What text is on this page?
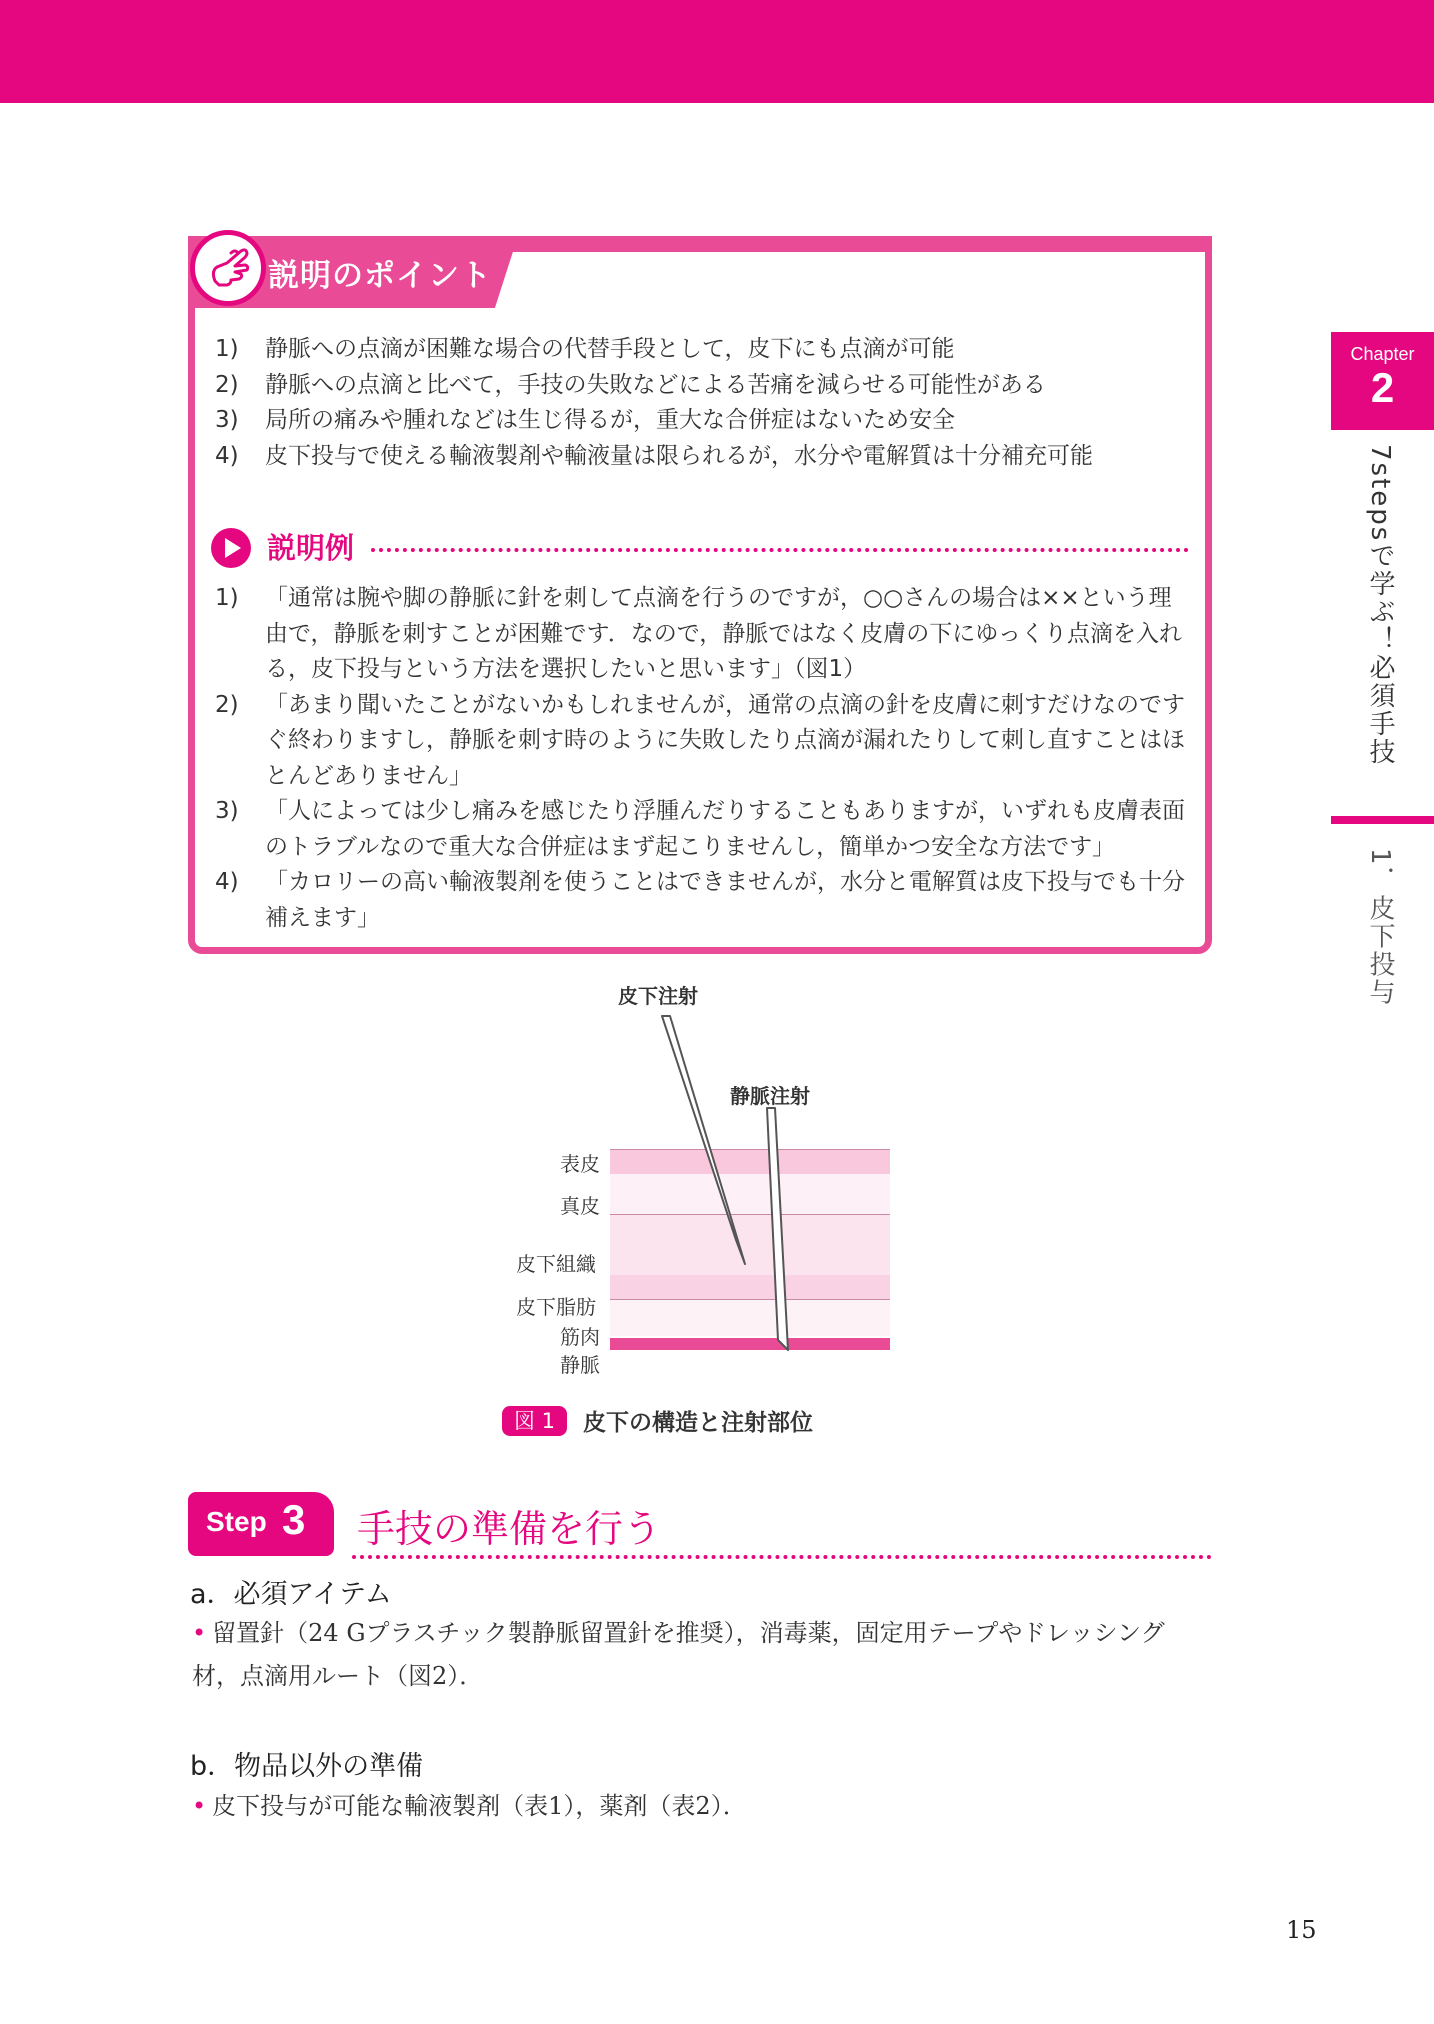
Chapter
2
7stepsで学ぶ！必須手技
1．皮下投与
説明のポイント
1) 静脈への点滴が困難な場合の代替手段として，皮下にも点滴が可能
2) 静脈への点滴と比べて，手技の失敗などによる苦痛を減らせる可能性がある
3) 局所の痛みや腫れなどは生じ得るが，重大な合併症はないため安全
4) 皮下投与で使える輸液製剤や輸液量は限られるが，水分や電解質は十分補充可能
説明例
1) 「通常は腕や脚の静脈に針を刺して点滴を行うのですが，○○さんの場合は××という理由で，静脈を刺すことが困難です．なので，静脈ではなく皮膚の下にゆっくり点滴を入れる，皮下投与という方法を選択したいと思います」（図1）
2) 「あまり聞いたことがないかもしれませんが，通常の点滴の針を皮膚に刺すだけなのですぐ終わりますし，静脈を刺す時のように失敗したり点滴が漏れたりして刺し直すことはほとんどありません」
3) 「人によっては少し痛みを感じたり浮腫んだりすることもありますが，いずれも皮膚表面のトラブルなので重大な合併症はまず起こりませんし，簡単かつ安全な方法です」
4) 「カロリーの高い輸液製剤を使うことはできませんが，水分と電解質は皮下投与でも十分補えます」
皮下注射
静脈注射
表皮
真皮
皮下組織
皮下脂肪
筋肉
静脈
図 1 皮下の構造と注射部位
Step 3 手技の準備を行う
a．必須アイテム
• 留置針（24 Gプラスチック製静脈留置針を推奨），消毒薬，固定用テープやドレッシング材，点滴用ルート（図2）．
b．物品以外の準備
• 皮下投与が可能な輸液製剤（表1），薬剤（表2）．
15
